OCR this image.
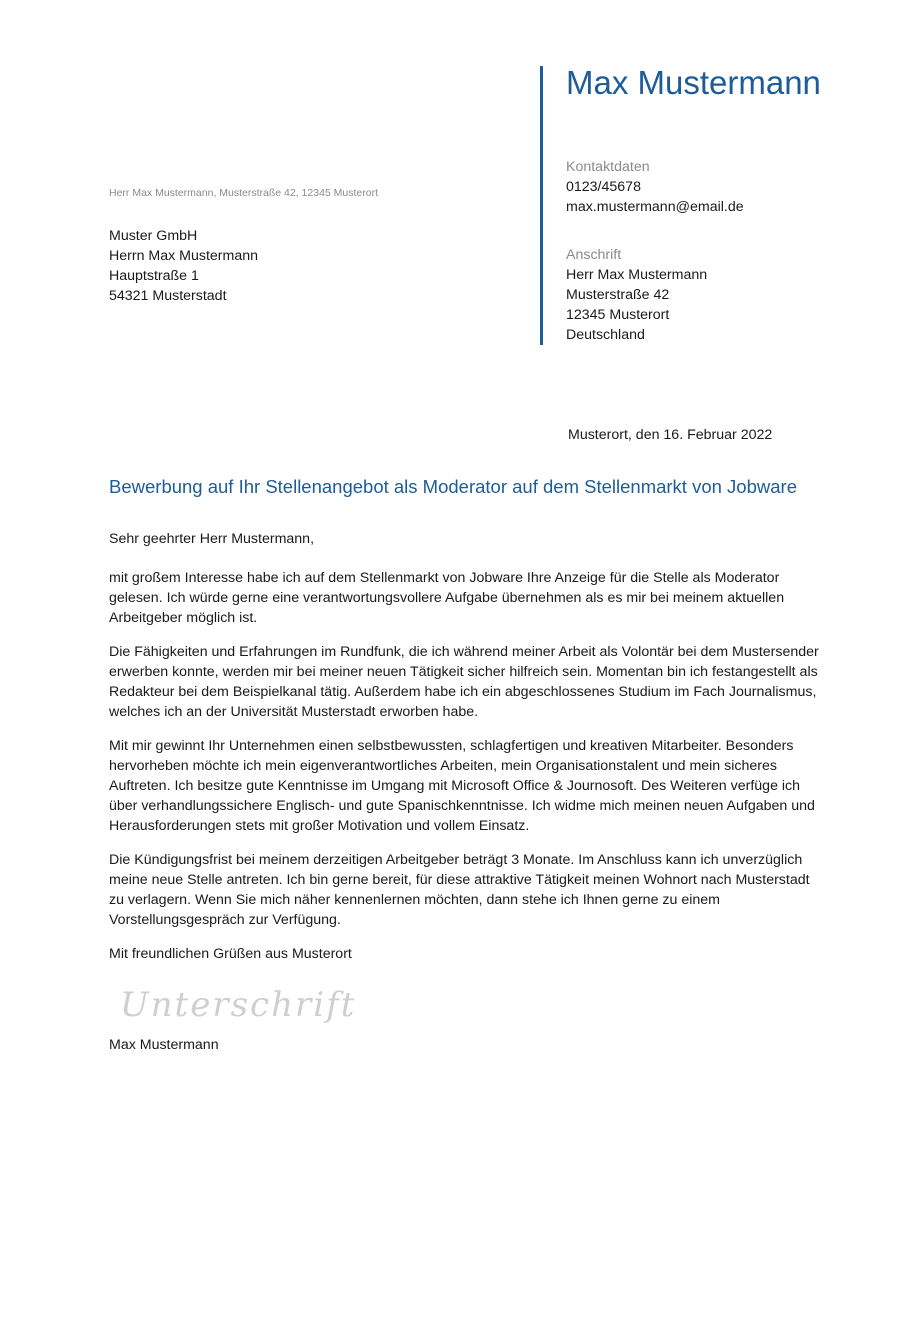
Max Mustermann
Kontaktdaten
0123/45678
max.mustermann@email.de
Anschrift
Herr Max Mustermann
Musterstraße 42
12345 Musterort
Deutschland
Herr Max Mustermann, Musterstraße 42, 12345 Musterort
Muster GmbH
Herrn Max Mustermann
Hauptstraße 1
54321 Musterstadt
Musterort, den 16. Februar 2022
Bewerbung auf Ihr Stellenangebot als Moderator auf dem Stellenmarkt von Jobware
Sehr geehrter Herr Mustermann,
mit großem Interesse habe ich auf dem Stellenmarkt von Jobware Ihre Anzeige für die Stelle als Moderator gelesen. Ich würde gerne eine verantwortungsvollere Aufgabe übernehmen als es mir bei meinem aktuellen Arbeitgeber möglich ist.
Die Fähigkeiten und Erfahrungen im Rundfunk, die ich während meiner Arbeit als Volontär bei dem Mustersender erwerben konnte, werden mir bei meiner neuen Tätigkeit sicher hilfreich sein. Momentan bin ich festangestellt als Redakteur bei dem Beispielkanal tätig. Außerdem habe ich ein abgeschlossenes Studium im Fach Journalismus, welches ich an der Universität Musterstadt erworben habe.
Mit mir gewinnt Ihr Unternehmen einen selbstbewussten, schlagfertigen und kreativen Mitarbeiter. Besonders hervorheben möchte ich mein eigenverantwortliches Arbeiten, mein Organisationstalent und mein sicheres Auftreten. Ich besitze gute Kenntnisse im Umgang mit Microsoft Office & Journosoft. Des Weiteren verfüge ich über verhandlungssichere Englisch- und gute Spanischkenntnisse. Ich widme mich meinen neuen Aufgaben und Herausforderungen stets mit großer Motivation und vollem Einsatz.
Die Kündigungsfrist bei meinem derzeitigen Arbeitgeber beträgt 3 Monate. Im Anschluss kann ich unverzüglich meine neue Stelle antreten. Ich bin gerne bereit, für diese attraktive Tätigkeit meinen Wohnort nach Musterstadt zu verlagern. Wenn Sie mich näher kennenlernen möchten, dann stehe ich Ihnen gerne zu einem Vorstellungsgespräch zur Verfügung.
Mit freundlichen Grüßen aus Musterort
Unterschrift
Max Mustermann
